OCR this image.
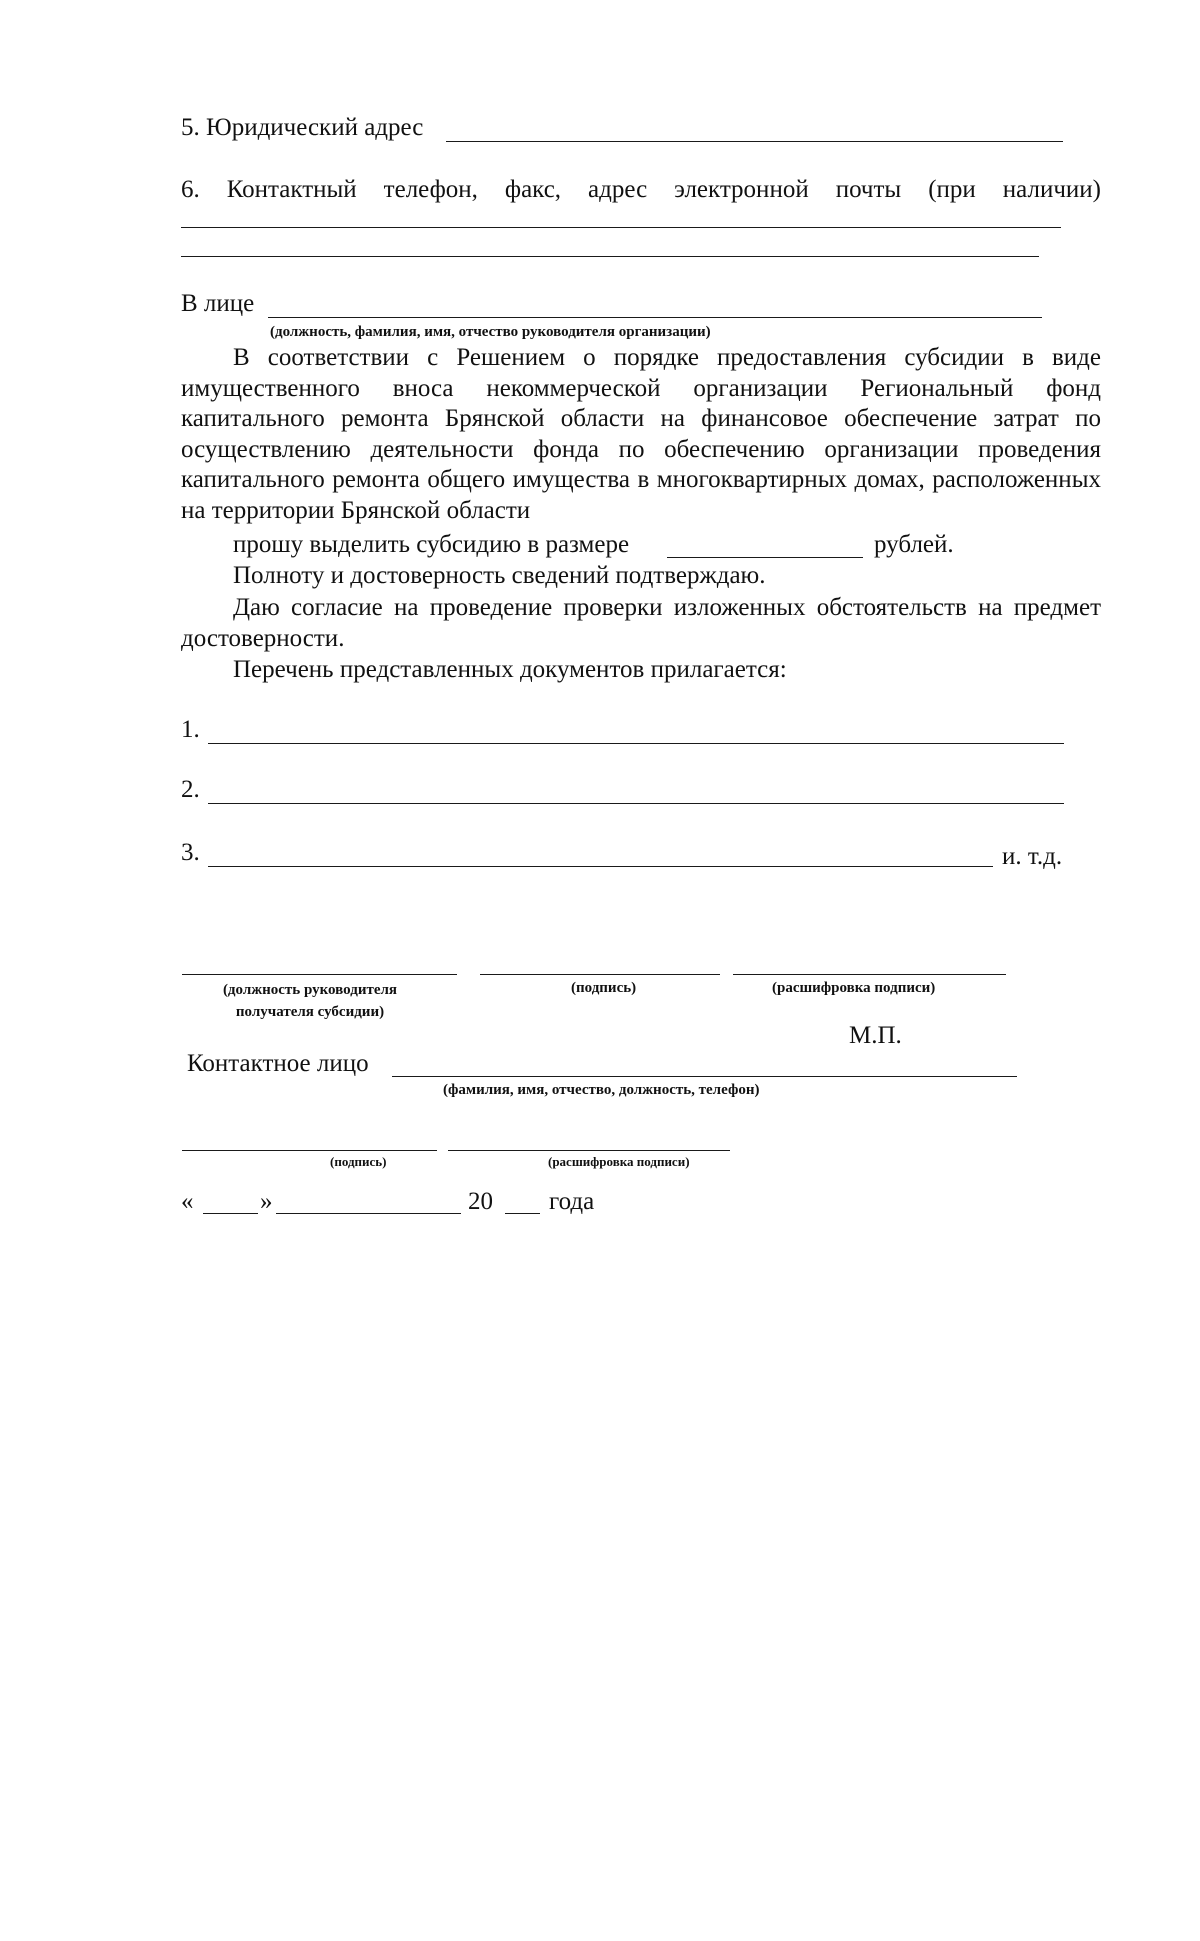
5. Юридический адрес
6. Контактный телефон, факс, адрес электронной почты (при наличии)
В лице
(должность, фамилия, имя, отчество руководителя организации)
В соответствии с Решением о порядке предоставления субсидии в виде имущественного вноса некоммерческой организации Региональный фонд капитального ремонта Брянской области на финансовое обеспечение затрат по осуществлению деятельности фонда по обеспечению организации проведения капитального ремонта общего имущества в многоквартирных домах, расположенных на территории Брянской области
прошу выделить субсидию в размере	рублей.
Полноту и достоверность сведений подтверждаю.
Даю согласие на проведение проверки изложенных обстоятельств на предмет достоверности.
Перечень представленных документов прилагается:
1.
2.
3.	и. т.д.
(должность руководителя получателя субсидии)
(подпись)	(расшифровка подписи)
М.П.
Контактное лицо
(фамилия, имя, отчество, должность, телефон)
(подпись)	(расшифровка подписи)
«	»	20 года
